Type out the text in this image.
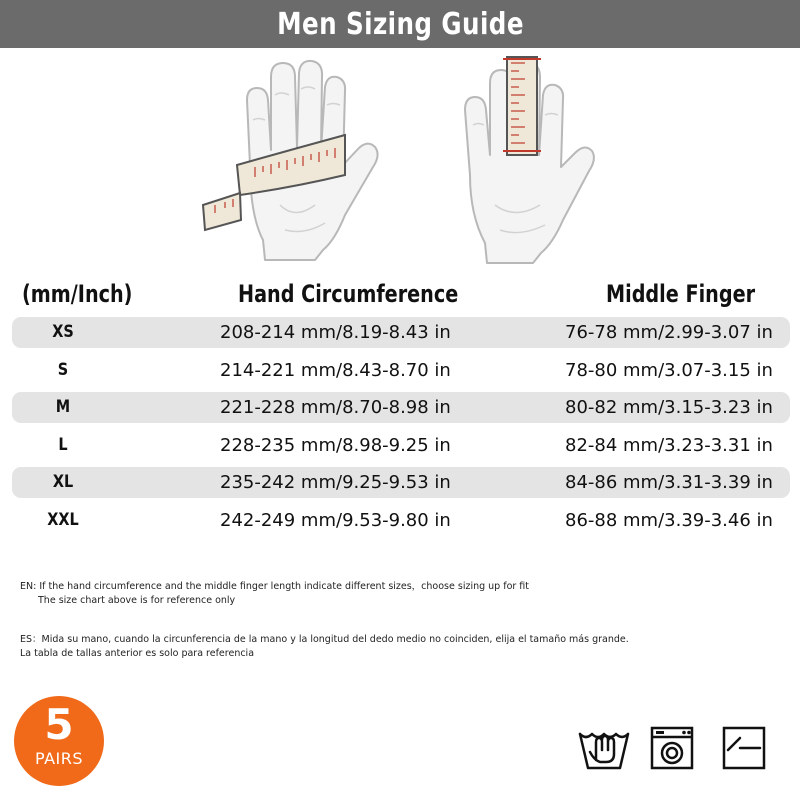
Men Sizing Guide
(mm/Inch)	Hand Circumference	Middle Finger
XS	208-214 mm/8.19-8.43 in	76-78 mm/2.99-3.07 in
S	214-221 mm/8.43-8.70 in	78-80 mm/3.07-3.15 in
M	221-228 mm/8.70-8.98 in	80-82 mm/3.15-3.23 in
L	228-235 mm/8.98-9.25 in	82-84 mm/3.23-3.31 in
XL	235-242 mm/9.25-9.53 in	84-86 mm/3.31-3.39 in
XXL	242-249 mm/9.53-9.80 in	86-88 mm/3.39-3.46 in
EN: If the hand circumference and the middle finger length indicate different sizes，choose sizing up for fit
The size chart above is for reference only
ES：Mida su mano, cuando la circunferencia de la mano y la longitud del dedo medio no coinciden, elija el tamaño más grande.
La tabla de tallas anterior es solo para referencia
5
PAIRS
